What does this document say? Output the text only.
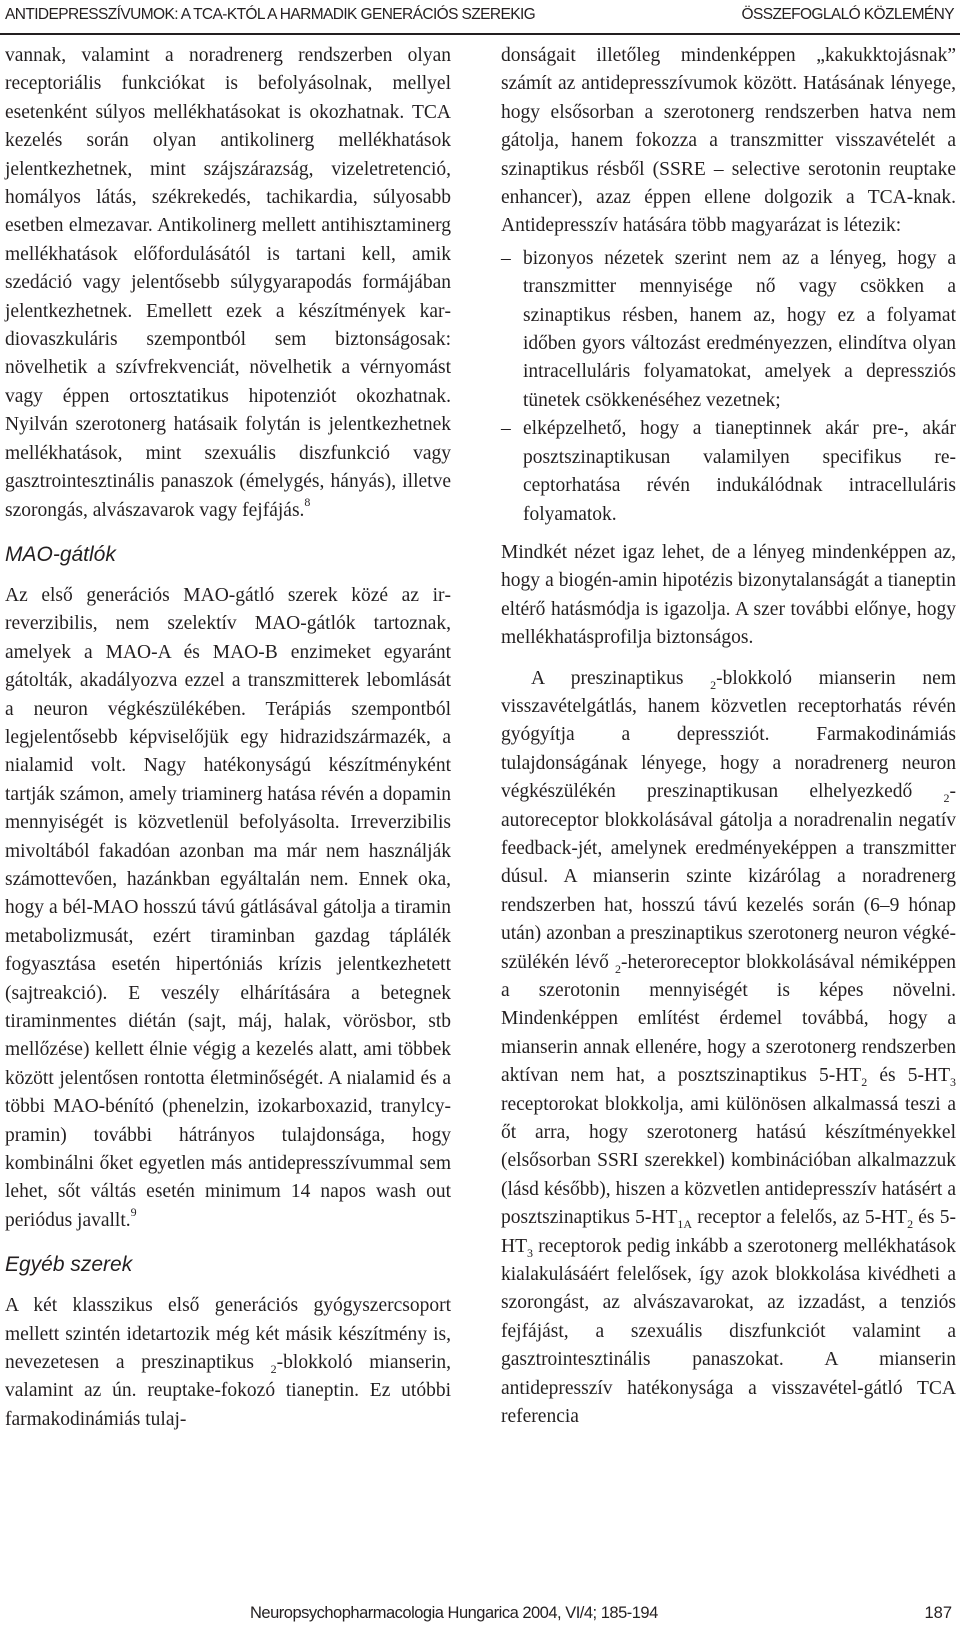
ANTIDEPRESSZÍVUMOK: A TCA-KTÓL A HARMADIK GENERÁCIÓS SZEREKIG	ÖSSZEFOGLALÓ KÖZLEMÉNY

vannak, valamint a noradrenerg rendszerben olyan receptoriális funkciókat is befolyásolnak, mellyel esetenként súlyos mellékhatásokat is okozhatnak. TCA kezelés során olyan antikolinerg mellékhatások jelentkezhetnek, mint szájszárazság, vizeletretenció, homályos látás, székrekedés, tachikardia, súlyosabb esetben elmezavar. Antikolinerg mellett antihisztaminerg mellékhatások előfordulásától is tartani kell, amik szedáció vagy jelentősebb súlygyarapodás formájában jelentkezhetnek. Emellett ezek a készítmények kardiovaszkuláris szempontból sem biztonságosak: növelhetik a szívfrekvenciát, növelhetik a vérnyomást vagy éppen ortosztatikus hipotenziót okozhatnak. Nyilván szerotonerg hatásaik folytán is jelentkezhetnek mellékhatások, mint szexuális diszfunkció vagy gasztrointesztinális panaszok (émelygés, hányás), illetve szorongás, alvászavarok vagy fejfájás.$^8$

MAO-gátlók

Az első generációs MAO-gátló szerek közé az irreverzibilis, nem szelektív MAO-gátlók tartoznak, amelyek a MAO-A és MAO-B enzimeket egyaránt gátolták, akadályozva ezzel a transzmitterek lebomlását a neuron végkészülékében. Terápiás szempontból legjelentősebb képviselőjük egy hidrazidszármazék, a nialamid volt. Nagy hatékonyságú készítményként tartják számon, amely triaminerg hatása révén a dopamin mennyiségét is közvetlenül befolyásolta. Irreverzibilis mivoltából fakadóan azonban ma már nem használják számottevően, hazánkban egyáltalán nem. Ennek oka, hogy a bél-MAO hosszú távú gátlásával gátolja a tiramin metabolizmusát, ezért tiraminban gazdag táplálék fogyasztása esetén hipertóniás krízis jelentkezhetett (sajtreakció). E veszély elhárítására a betegnek tiraminmentes diétán (sajt, máj, halak, vörösbor, stb mellőzése) kellett élnie végig a kezelés alatt, ami többek között jelentősen rontotta életminőségét. A nialamid és a többi MAO-bénító (phenelzin, izokarboxazid, tranylcypramin) további hátrányos tulajdonsága, hogy kombinálni őket egyetlen más antidepresszívummal sem lehet, sőt váltás esetén minimum 14 napos wash out periódus javallt.$^9$

Egyéb szerek

A két klasszikus első generációs gyógyszercsoport mellett szintén idetartozik még két másik készítmény is, nevezetesen a preszinaptikus $_2$-blokkoló mianserin, valamint az ún. reuptake-fokozó tianeptin. Ez utóbbi farmakodinámiás tulaj-

donságait illetőleg mindenképpen „kakukktojásnak” számít az antidepresszívumok között. Hatásának lényege, hogy elsősorban a szerotonerg rendszerben hatva nem gátolja, hanem fokozza a transzmitter visszavételét a szinaptikus résből (SSRE – selective serotonin reuptake enhancer), azaz éppen ellene dolgozik a TCA-knak. Antidepresszív hatására több magyarázat is létezik:

– bizonyos nézetek szerint nem az a lényeg, hogy a transzmitter mennyisége nő vagy csökken a szinaptikus résben, hanem az, hogy ez a folyamat időben gyors változást eredményezzen, elindítva olyan intracelluláris folyamatokat, amelyek a depressziós tünetek csökkenéséhez vezetnek;
– elképzelhető, hogy a tianeptinnek akár pre-, akár posztszinaptikusan valamilyen specifikus receptorhatása révén indukálódnak intracelluláris folyamatok.

Mindkét nézet igaz lehet, de a lényeg mindenképpen az, hogy a biogén-amin hipotézis bizonytalanságát a tianeptin eltérő hatásmódja is igazolja. A szer további előnye, hogy mellékhatásprofilja biztonságos.

A preszinaptikus $_2$-blokkoló mianserin nem visszavételgátlás, hanem közvetlen receptorhatás révén gyógyítja a depressziót. Farmakodinámiás tulajdonságának lényege, hogy a noradrenerg neuron végkészülékén preszinaptikusan elhelyezkedő	$_2$-autoreceptor blokkolásával gátolja a noradrenalin negatív feedback-jét, amelynek eredményeképpen a transzmitter dúsul. A mianserin szinte kizárólag a noradrenerg rendszerben hat, hosszú távú kezelés során (6–9 hónap után) azonban a preszinaptikus szerotonerg neuron végkészülékén lévő $_2$-heteroreceptor blokkolásával némiképpen a szerotonin mennyiségét is képes növelni. Mindenképpen említést érdemel továbbá, hogy a mianserin annak ellenére, hogy a szerotonerg rendszerben aktívan nem hat, a posztszinaptikus $5-HT_2$ és $5-HT_3$ receptorokat blokkolja, ami különösen alkalmassá teszi a őt arra, hogy szerotonerg hatású készítményekkel (elsősorban SSRI szerekkel) kombinációban alkalmazzuk (lásd később), hiszen a közvetlen antidepresszív hatásért a posztszinaptikus $5-HT_{1A}$ receptor a felelős, az $5-HT_2$ és $5-HT_3$ receptorok pedig inkább a szerotonerg mellékhatások kialakulásáért felelősek, így azok blokkolása kivédheti a szorongást, az alvászavarokat, az izzadást, a tenziós fejfájást, a szexuális diszfunkciót valamint a gasztrointesztinális panaszokat. A mianserin antidepresszív hatékonysága a visszavétel-gátló TCA referencia

Neuropsychopharmacologia Hungarica 2004, VI/4; 185-194	187
